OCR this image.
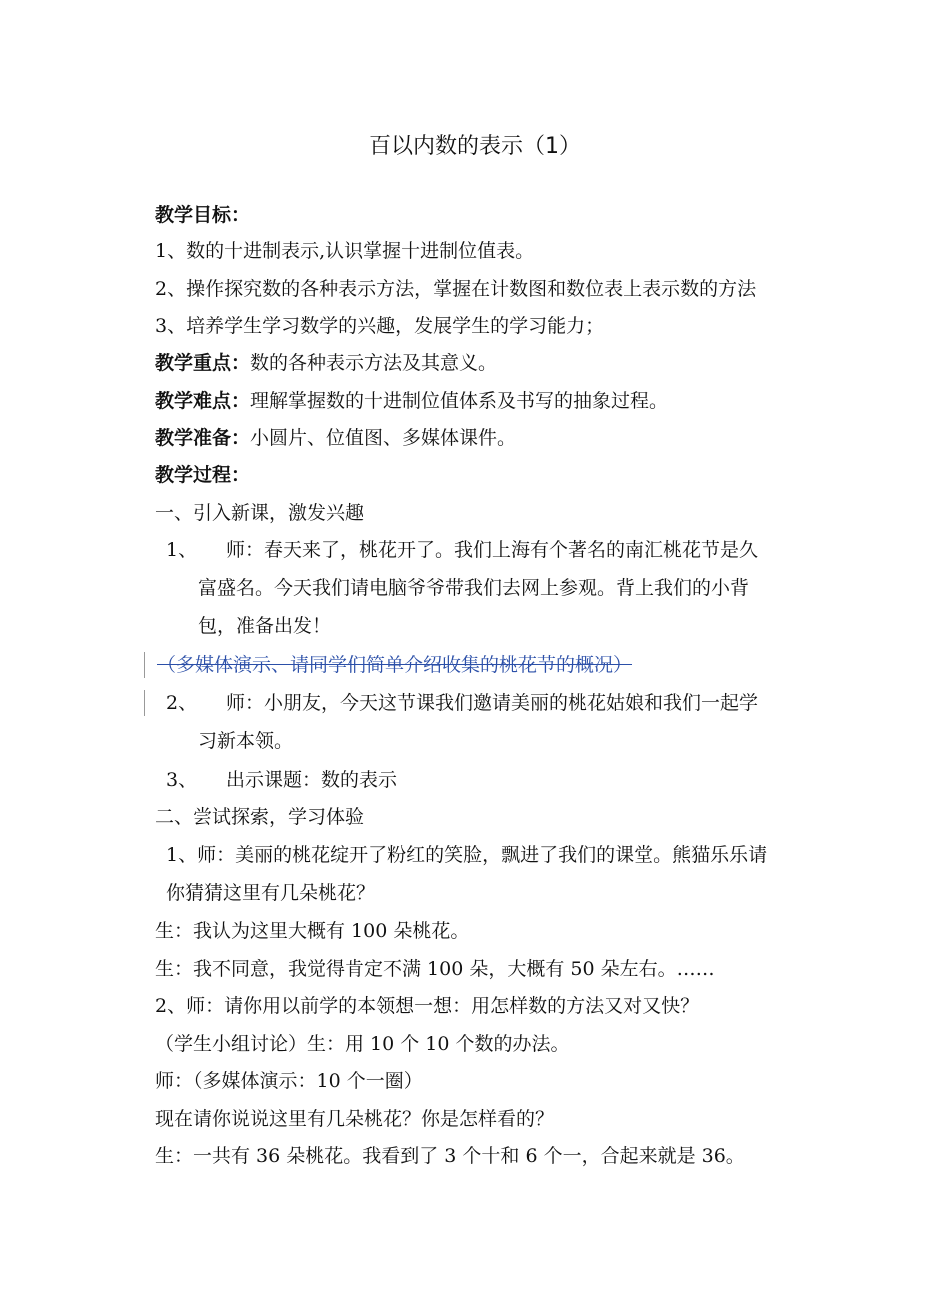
百以内数的表示（1）
教学目标：
1、数的十进制表示,认识掌握十进制位值表。
2、操作探究数的各种表示方法，掌握在计数图和数位表上表示数的方法
3、培养学生学习数学的兴趣，发展学生的学习能力；
教学重点：数的各种表示方法及其意义。
教学难点：理解掌握数的十进制位值体系及书写的抽象过程。
教学准备：小圆片、位值图、多媒体课件。
教学过程：
一、引入新课，激发兴趣
1、 师：春天来了，桃花开了。我们上海有个著名的南汇桃花节是久
富盛名。今天我们请电脑爷爷带我们去网上参观。背上我们的小背
包，准备出发！
（多媒体演示、请同学们简单介绍收集的桃花节的概况）
2、 师：小朋友，今天这节课我们邀请美丽的桃花姑娘和我们一起学
习新本领。
3、 出示课题：数的表示
二、尝试探索，学习体验
1、师：美丽的桃花绽开了粉红的笑脸，飘进了我们的课堂。熊猫乐乐请
你猜猜这里有几朵桃花？
生：我认为这里大概有 100 朵桃花。
生：我不同意，我觉得肯定不满 100 朵，大概有 50 朵左右。……
2、师：请你用以前学的本领想一想：用怎样数的方法又对又快？
（学生小组讨论）生：用 10 个 10 个数的办法。
师：（多媒体演示：10 个一圈）
现在请你说说这里有几朵桃花？你是怎样看的？
生：一共有 36 朵桃花。我看到了 3 个十和 6 个一，合起来就是 36。
